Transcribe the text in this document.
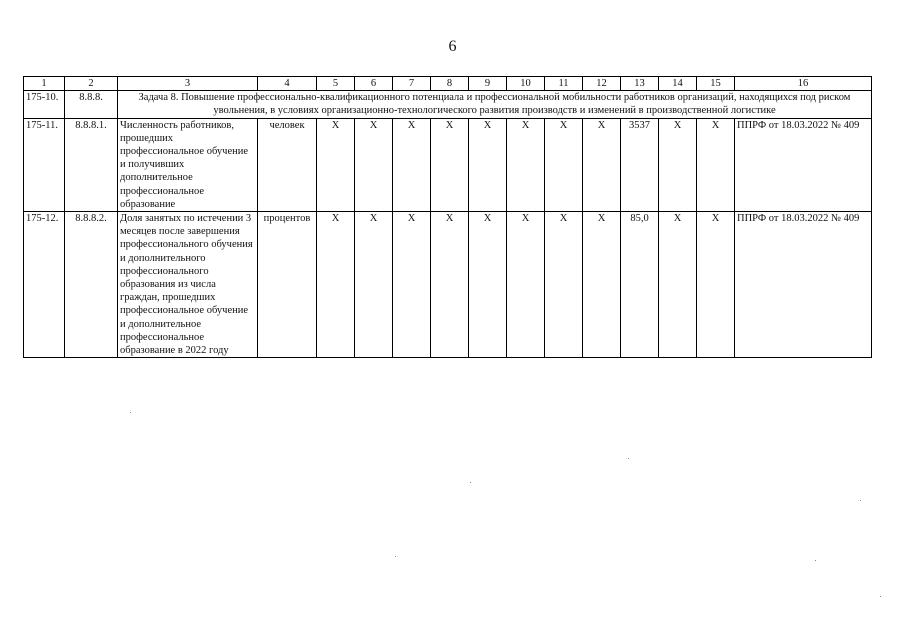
6
1	2	3	4	5	6	7	8	9	10	11	12	13	14	15	16
175-10.	8.8.8.	Задача 8. Повышение профессионально-квалификационного потенциала и профессиональной мобильности работников организаций, находящихся под риском увольнения, в условиях организационно-технологического развития производств и изменений в производственной логистике													
175-11.	8.8.8.1.	Численность работников, прошедших профессиональное обучение и получивших дополнительное профессиональное образование	человек	X	X	X	X	X	X	X	X	3537	X	X	ППРФ от 18.03.2022 № 409
175-12.	8.8.8.2.	Доля занятых по истечении 3 месяцев после завершения профессионального обучения и дополнительного профессионального образования из числа граждан, прошедших профессиональное обучение и дополнительное профессиональное образование в 2022 году	процентов	X	X	X	X	X	X	X	X	85,0	X	X	ППРФ от 18.03.2022 № 409
